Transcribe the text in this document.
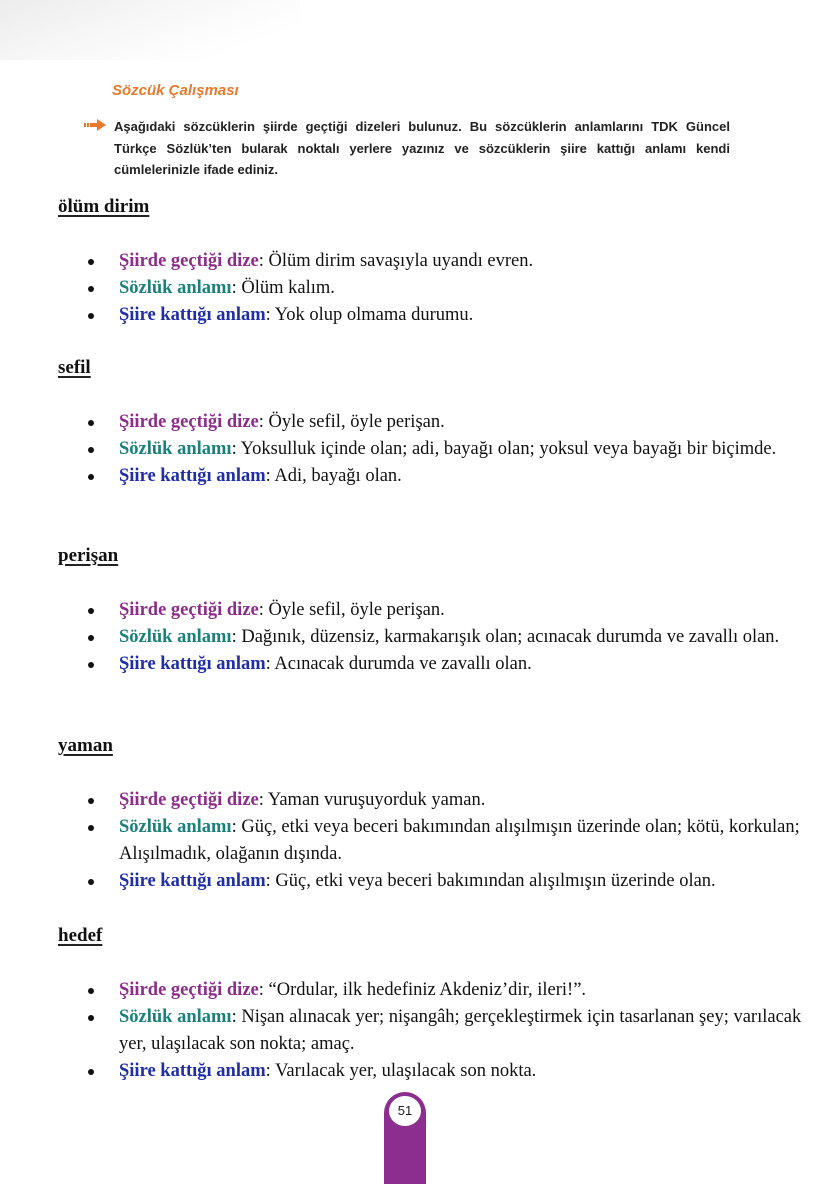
Sözcük Çalışması
Aşağıdaki sözcüklerin şiirde geçtiği dizeleri bulunuz. Bu sözcüklerin anlamlarını TDK Güncel Türkçe Sözlük’ten bularak noktalı yerlere yazınız ve sözcüklerin şiire kattığı anlamı kendi cümlelerinizle ifade ediniz.
ölüm dirim
Şiirde geçtiği dize: Ölüm dirim savaşıyla uyandı evren.
Sözlük anlamı: Ölüm kalım.
Şiire kattığı anlam: Yok olup olmama durumu.
sefil
Şiirde geçtiği dize: Öyle sefil, öyle perişan.
Sözlük anlamı: Yoksulluk içinde olan; adi, bayağı olan; yoksul veya bayağı bir biçimde.
Şiire kattığı anlam: Adi, bayağı olan.
perişan
Şiirde geçtiği dize: Öyle sefil, öyle perişan.
Sözlük anlamı: Dağınık, düzensiz, karmakarışık olan; acınacak durumda ve zavallı olan.
Şiire kattığı anlam: Acınacak durumda ve zavallı olan.
yaman
Şiirde geçtiği dize: Yaman vuruşuyorduk yaman.
Sözlük anlamı: Güç, etki veya beceri bakımından alışılmışın üzerinde olan; kötü, korkulan; Alışılmadık, olağanın dışında.
Şiire kattığı anlam: Güç, etki veya beceri bakımından alışılmışın üzerinde olan.
hedef
Şiirde geçtiği dize: “Ordular, ilk hedefiniz Akdeniz’dir, ileri!”.
Sözlük anlamı: Nişan alınacak yer; nişangâh; gerçekleştirmek için tasarlanan şey; varılacak yer, ulaşılacak son nokta; amaç.
Şiire kattığı anlam: Varılacak yer, ulaşılacak son nokta.
51
